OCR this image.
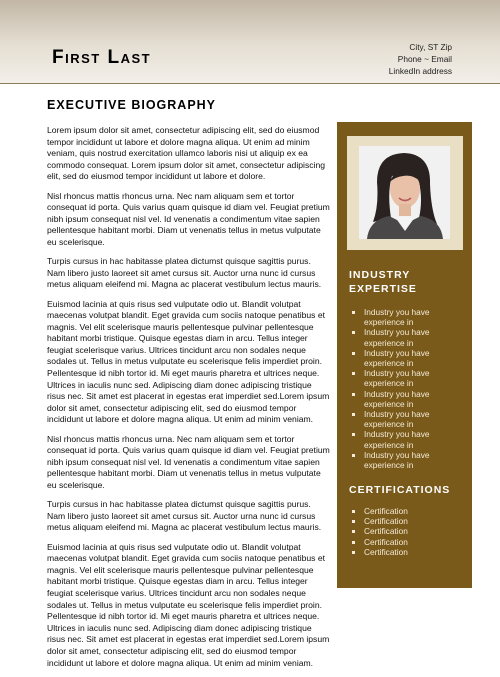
First Last	City, ST Zip
Phone ~ Email
LinkedIn address
EXECUTIVE BIOGRAPHY

Lorem ipsum dolor sit amet, consectetur adipiscing elit, sed do eiusmod tempor incididunt ut labore et dolore magna aliqua. Ut enim ad minim veniam, quis nostrud exercitation ullamco laboris nisi ut aliquip ex ea commodo consequat. Lorem ipsum dolor sit amet, consectetur adipiscing elit, sed do eiusmod tempor incididunt ut labore et dolore.

Nisl rhoncus mattis rhoncus urna. Nec nam aliquam sem et tortor consequat id porta. Quis varius quam quisque id diam vel. Feugiat pretium nibh ipsum consequat nisl vel. Id venenatis a condimentum vitae sapien pellentesque habitant morbi. Diam ut venenatis tellus in metus vulputate eu scelerisque.

Turpis cursus in hac habitasse platea dictumst quisque sagittis purus. Nam libero justo laoreet sit amet cursus sit. Auctor urna nunc id cursus metus aliquam eleifend mi. Magna ac placerat vestibulum lectus mauris.

Euismod lacinia at quis risus sed vulputate odio ut. Blandit volutpat maecenas volutpat blandit. Eget gravida cum sociis natoque penatibus et magnis. Vel elit scelerisque mauris pellentesque pulvinar pellentesque habitant morbi tristique. Quisque egestas diam in arcu. Tellus integer feugiat scelerisque varius. Ultrices tincidunt arcu non sodales neque sodales ut. Tellus in metus vulputate eu scelerisque felis imperdiet proin. Pellentesque id nibh tortor id. Mi eget mauris pharetra et ultrices neque. Ultrices in iaculis nunc sed. Adipiscing diam donec adipiscing tristique risus nec. Sit amet est placerat in egestas erat imperdiet sed.Lorem ipsum dolor sit amet, consectetur adipiscing elit, sed do eiusmod tempor incididunt ut labore et dolore magna aliqua. Ut enim ad minim veniam.

Nisl rhoncus mattis rhoncus urna. Nec nam aliquam sem et tortor consequat id porta. Quis varius quam quisque id diam vel. Feugiat pretium nibh ipsum consequat nisl vel. Id venenatis a condimentum vitae sapien pellentesque habitant morbi. Diam ut venenatis tellus in metus vulputate eu scelerisque.

Turpis cursus in hac habitasse platea dictumst quisque sagittis purus. Nam libero justo laoreet sit amet cursus sit. Auctor urna nunc id cursus metus aliquam eleifend mi. Magna ac placerat vestibulum lectus mauris.

Euismod lacinia at quis risus sed vulputate odio ut. Blandit volutpat maecenas volutpat blandit. Eget gravida cum sociis natoque penatibus et magnis. Vel elit scelerisque mauris pellentesque pulvinar pellentesque habitant morbi tristique. Quisque egestas diam in arcu. Tellus integer feugiat scelerisque varius. Ultrices tincidunt arcu non sodales neque sodales ut. Tellus in metus vulputate eu scelerisque felis imperdiet proin. Pellentesque id nibh tortor id. Mi eget mauris pharetra et ultrices neque. Ultrices in iaculis nunc sed. Adipiscing diam donec adipiscing tristique risus nec. Sit amet est placerat in egestas erat imperdiet sed.Lorem ipsum dolor sit amet, consectetur adipiscing elit, sed do eiusmod tempor incididunt ut labore et dolore magna aliqua. Ut enim ad minim veniam.

INDUSTRY EXPERTISE
Industry you have experience in
Industry you have experience in
Industry you have experience in
Industry you have experience in
Industry you have experience in
Industry you have experience in
Industry you have experience in
Industry you have experience in
CERTIFICATIONS
Certification
Certification
Certification
Certification
Certification
